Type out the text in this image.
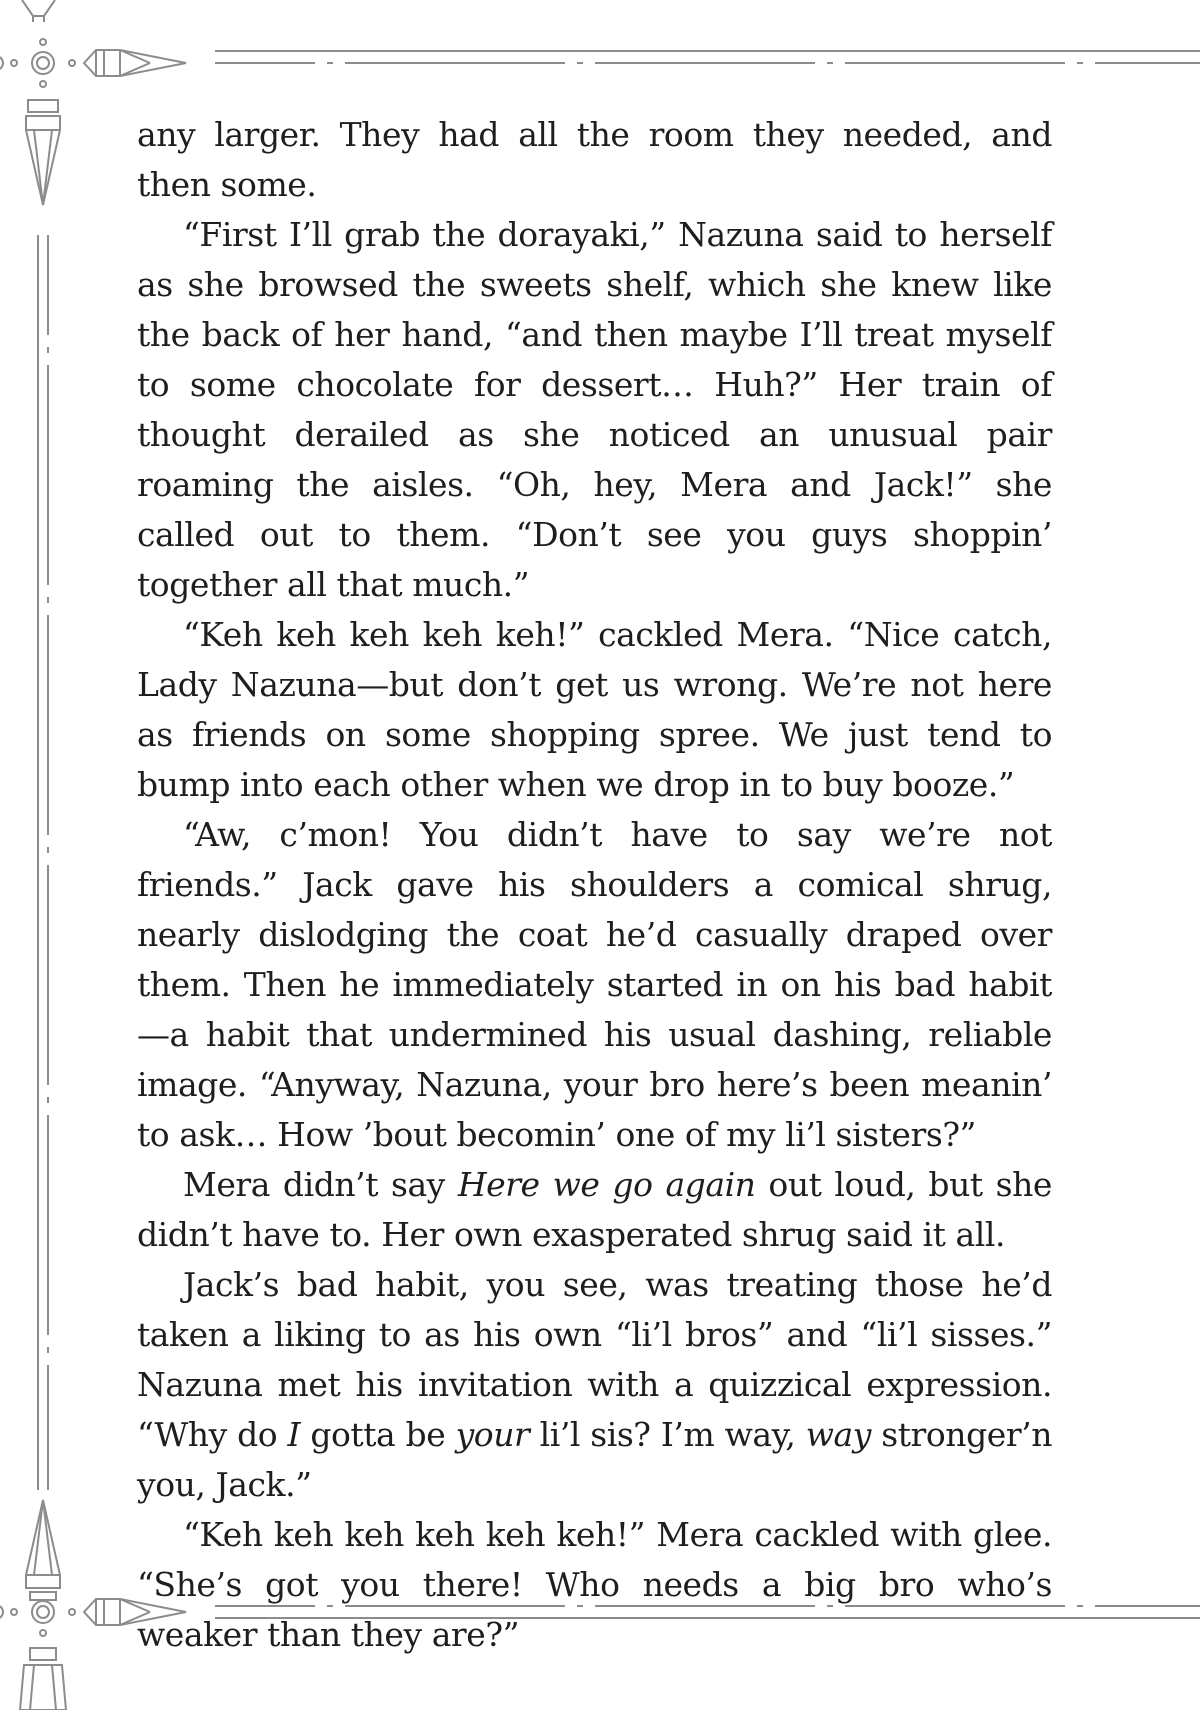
any larger. They had all the room they needed, and then some.

“First I’ll grab the dorayaki,” Nazuna said to herself as she browsed the sweets shelf, which she knew like the back of her hand, “and then maybe I’ll treat myself to some chocolate for dessert… Huh?” Her train of thought derailed as she noticed an unusual pair roaming the aisles. “Oh, hey, Mera and Jack!” she called out to them. “Don’t see you guys shoppin’ together all that much.”

“Keh keh keh keh keh!” cackled Mera. “Nice catch, Lady Nazuna—but don’t get us wrong. We’re not here as friends on some shopping spree. We just tend to bump into each other when we drop in to buy booze.”

“Aw, c’mon! You didn’t have to say we’re not friends.” Jack gave his shoulders a comical shrug, nearly dislodging the coat he’d casually draped over them. Then he immediately started in on his bad habit—a habit that undermined his usual dashing, reliable image. “Anyway, Nazuna, your bro here’s been meanin’ to ask… How ’bout becomin’ one of my li’l sisters?”

Mera didn’t say Here we go again out loud, but she didn’t have to. Her own exasperated shrug said it all.

Jack’s bad habit, you see, was treating those he’d taken a liking to as his own “li’l bros” and “li’l sisses.” Nazuna met his invitation with a quizzical expression. “Why do I gotta be your li’l sis? I’m way, way stronger’n you, Jack.”

“Keh keh keh keh keh keh!” Mera cackled with glee. “She’s got you there! Who needs a big bro who’s weaker than they are?”
